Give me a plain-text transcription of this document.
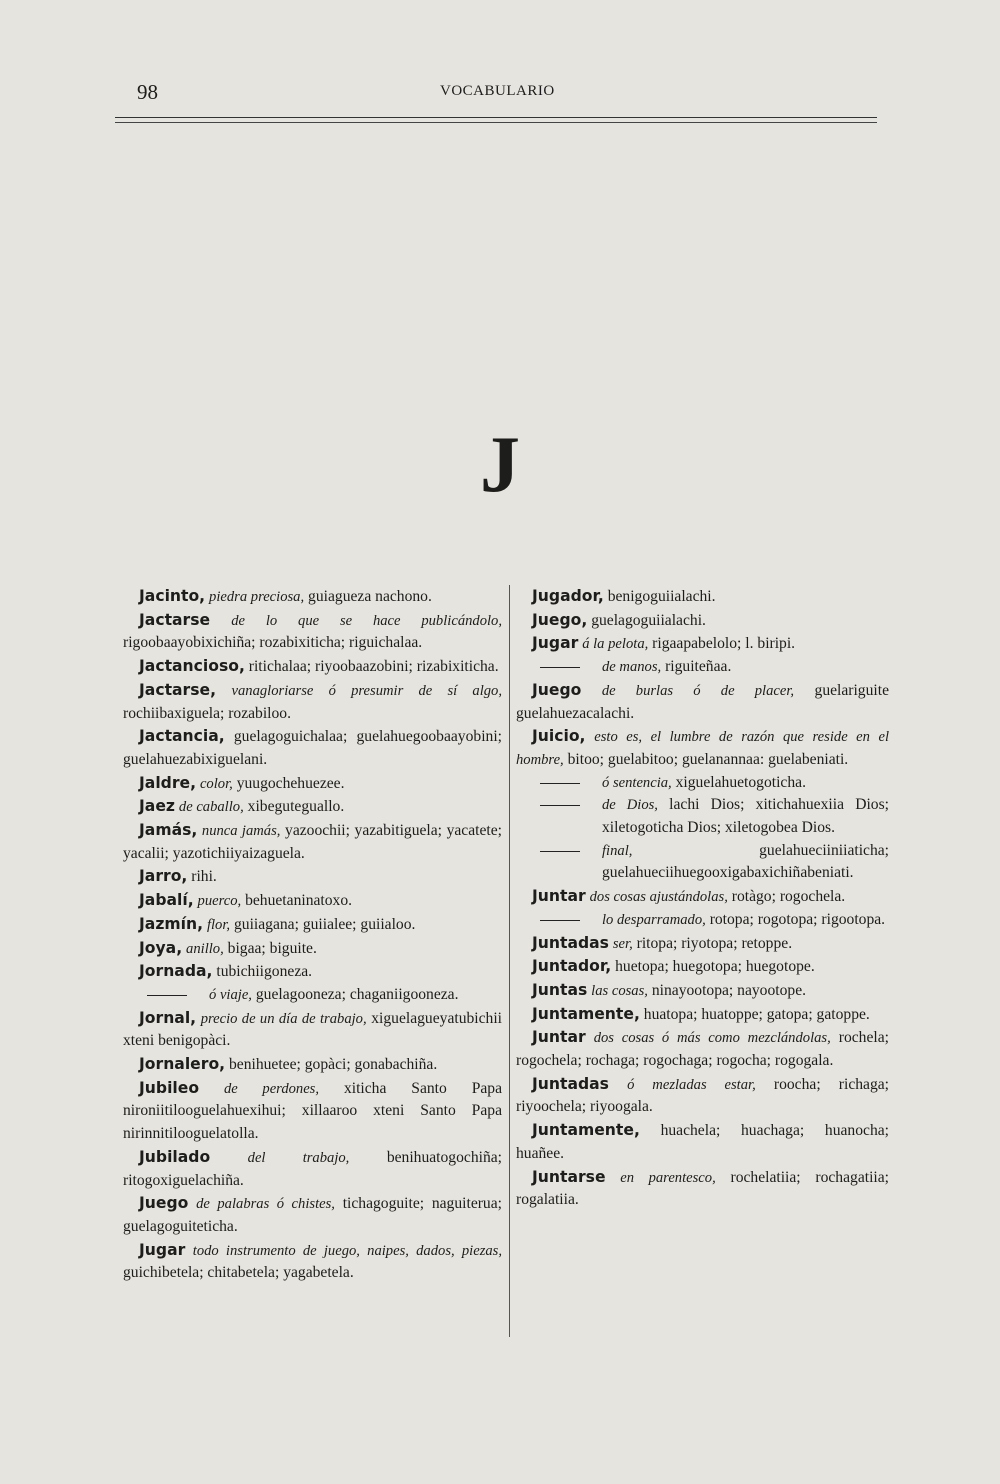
98	VOCABULARIO
J

Jacinto, piedra preciosa, guiagueza nachono.

Jactarse de lo que se hace publicándolo, rigoobaayobixichiña; rozabixiticha; riguichalaa.

Jactancioso, ritichalaa; riyoobaazobini; rizabixiticha.

Jactarse, vanagloriarse ó presumir de sí algo, rochiibaxiguela; rozabiloo.

Jactancia, guelagoguichalaa; guelahuegoobaayobini; guelahuezabixiguelani.

Jaldre, color, yuugochehuezee.

Jaez de caballo, xibeguteguallo.

Jamás, nunca jamás, yazoochii; yazabitiguela; yacatete; yacalii; yazotichiiyaizaguela.

Jarro, rihi.

Jabalí, puerco, behuetaninatoxo.

Jazmín, flor, guiiagana; guiialee; guiialoo.

Joya, anillo, bigaa; biguite.

Jornada, tubichiigoneza.

ó viaje, guelagooneza; chaganiigooneza.

Jornal, precio de un día de trabajo, xiguelagueyatubichii xteni benigopàci.

Jornalero, benihuetee; gopàci; gonabachiña.

Jubileo de perdones, xiticha Santo Papa nironiitilooguelahuexihui; xillaaroo xteni Santo Papa nirinnitilooguelatolla.

Jubilado	del trabajo, benihuatogochiña; ritogoxiguelachiña.

Juego de palabras ó chistes, tichagoguite; naguiterua; guelagoguiteticha.

Jugar todo instrumento de juego, naipes, dados, piezas, guichibetela; chitabetela; yagabetela.

Jugador, benigoguiialachi.

Juego, guelagoguiialachi.

Jugar á la pelota, rigaapabelolo; l. biripi.

de manos, riguiteñaa.

Juego de burlas ó de placer, guelariguite guelahuezacalachi.

Juicio, esto es, el lumbre de razón que reside en el hombre, bitoo; guelabitoo; guelanannaa: guelabeniati.

ó sentencia, xiguelahuetogoticha.

de Dios, lachi Dios; xitichahuexiia Dios; xiletogoticha Dios; xiletogobea Dios.

final,	guelahueciiniiaticha; guelahueciihuegooxigabaxichiñabeniati.

Juntar dos cosas ajustándolas, rotàgo; rogochela.

lo desparramado, rotopa; rogotopa; rigootopa.

Juntadas ser, ritopa; riyotopa; retoppe.

Juntador, huetopa; huegotopa; huegotope.

Juntas las cosas, ninayootopa; nayootope.

Juntamente, huatopa; huatoppe; gatopa; gatoppe.

Juntar dos cosas ó más como mezclándolas, rochela; rogochela; rochaga; rogochaga; rogocha; rogogala.

Juntadas ó mezladas estar, roocha; richaga; riyoochela; riyoogala.

Juntamente, huachela; huachaga; huanocha; huañee.

Juntarse en parentesco, rochelatiia; rochagatiia; rogalatiia.
